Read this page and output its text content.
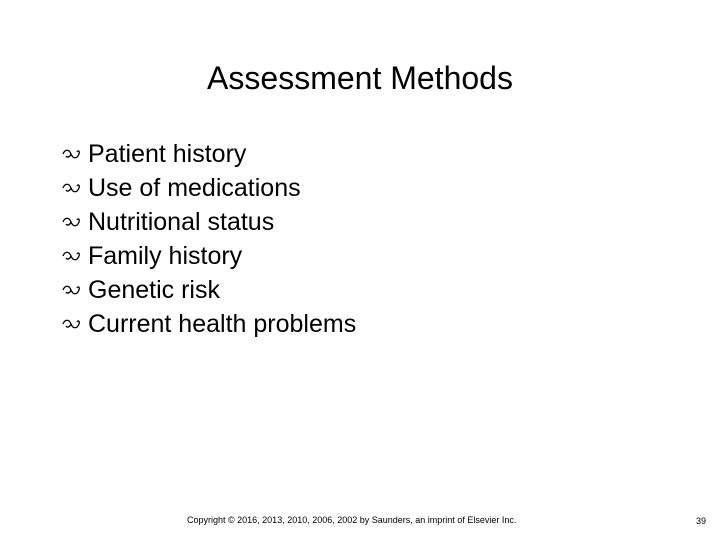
Assessment Methods
Patient history
Use of medications
Nutritional status
Family history
Genetic risk
Current health problems
Copyright © 2016, 2013, 2010, 2006, 2002 by Saunders, an imprint of Elsevier Inc.	39
